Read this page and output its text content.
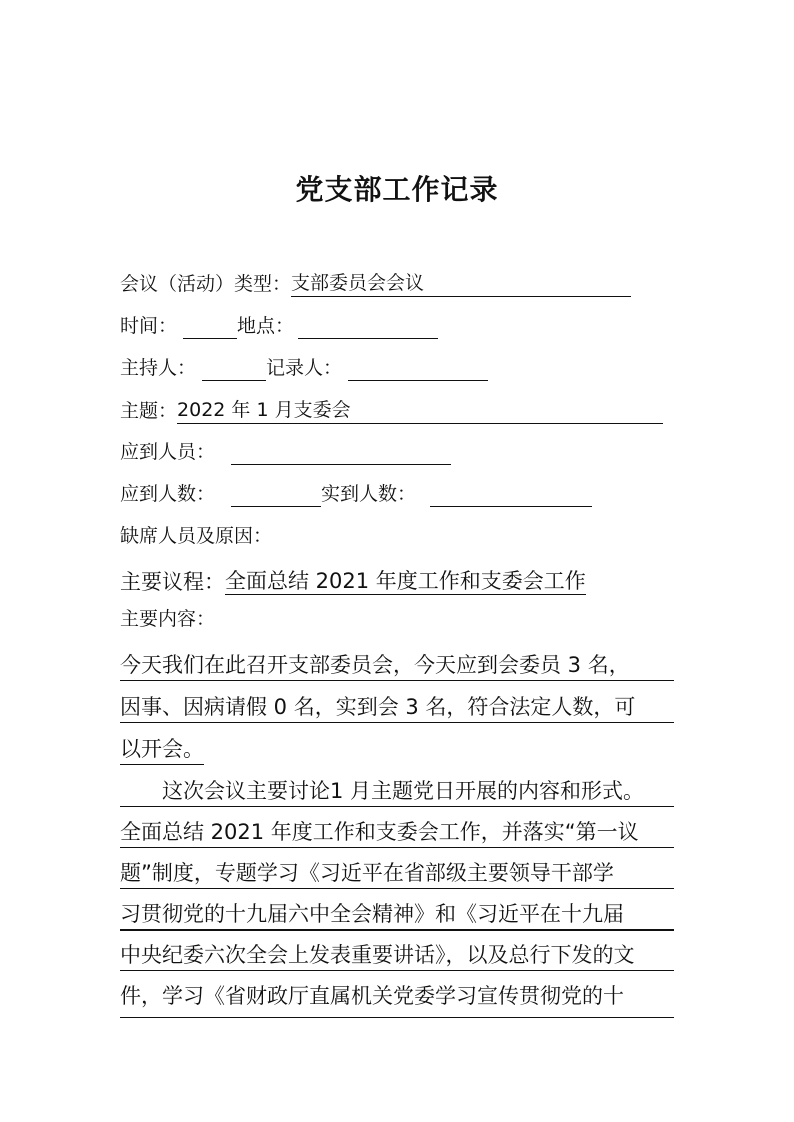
党支部工作记录
会议（活动）类型：支部委员会会议
时间：	地点：
主持人：	记录人：
主题：2022 年 1 月支委会
应到人员：
应到人数：	实到人数：
缺席人员及原因：
主要议程：全面总结 2021 年度工作和支委会工作
主要内容：
今天我们在此召开支部委员会，今天应到会委员 3 名，
因事、因病请假 0 名，实到会 3 名，符合法定人数，可
以开会。
　　这次会议主要讨论1 月主题党日开展的内容和形式。
全面总结 2021 年度工作和支委会工作，并落实“第一议
题”制度，专题学习《习近平在省部级主要领导干部学
习贯彻党的十九届六中全会精神》和《习近平在十九届
中央纪委六次全会上发表重要讲话》，以及总行下发的文
件，学习《省财政厅直属机关党委学习宣传贯彻党的十
